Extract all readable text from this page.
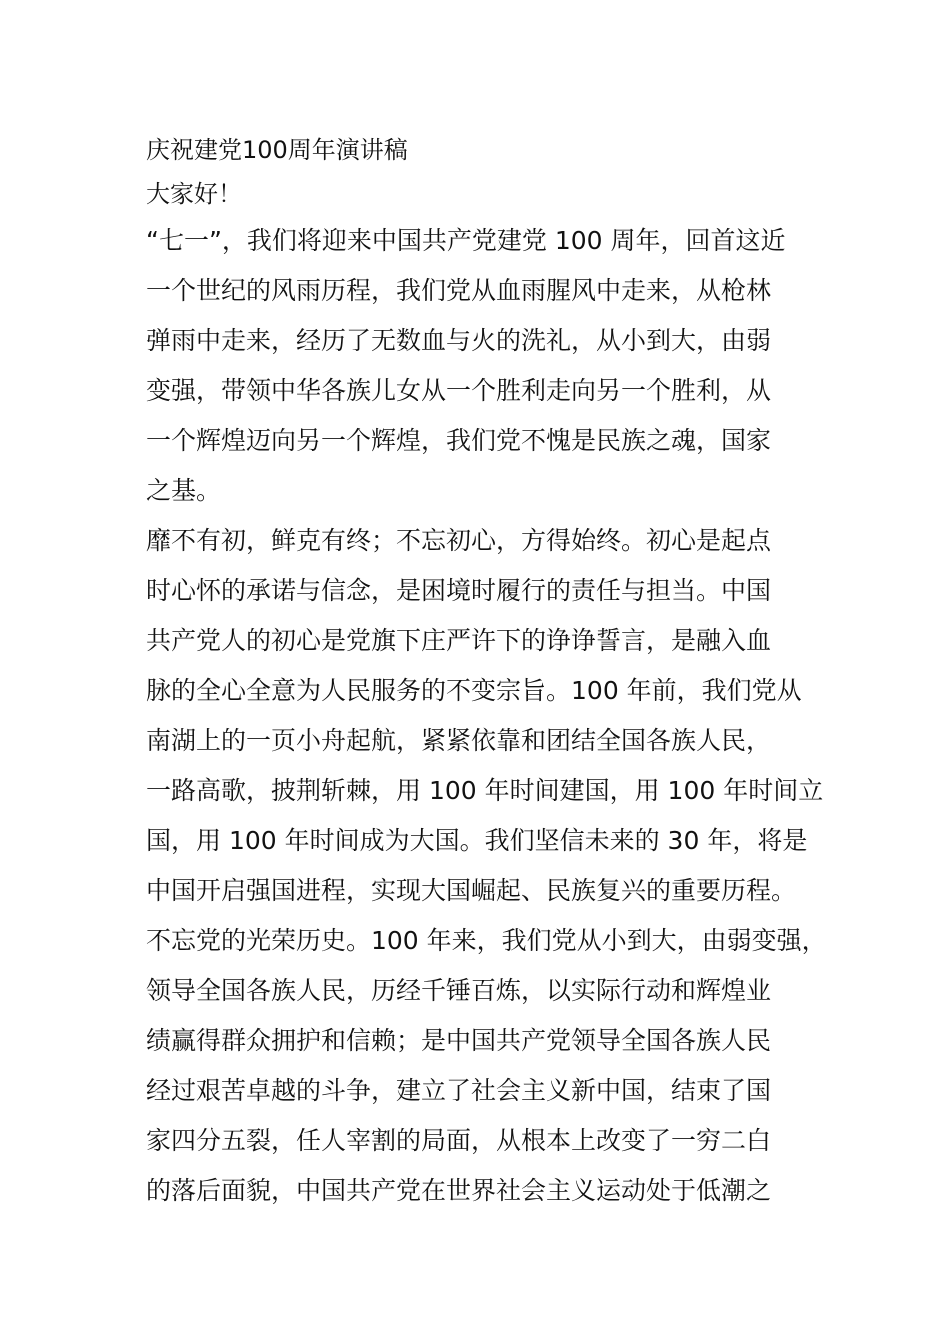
庆祝建党100周年演讲稿
大家好！
“七一”，我们将迎来中国共产党建党 100 周年，回首这近
一个世纪的风雨历程，我们党从血雨腥风中走来，从枪林
弹雨中走来，经历了无数血与火的洗礼，从小到大，由弱
变强，带领中华各族儿女从一个胜利走向另一个胜利，从
一个辉煌迈向另一个辉煌，我们党不愧是民族之魂，国家
之基。
靡不有初，鲜克有终；不忘初心，方得始终。初心是起点
时心怀的承诺与信念，是困境时履行的责任与担当。中国
共产党人的初心是党旗下庄严许下的诤诤誓言，是融入血
脉的全心全意为人民服务的不变宗旨。100 年前，我们党从
南湖上的一页小舟起航，紧紧依靠和团结全国各族人民，
一路高歌，披荆斩棘，用 100 年时间建国，用 100 年时间立
国，用 100 年时间成为大国。我们坚信未来的 30 年，将是
中国开启强国进程，实现大国崛起、民族复兴的重要历程。
不忘党的光荣历史。100 年来，我们党从小到大，由弱变强，
领导全国各族人民，历经千锤百炼，以实际行动和辉煌业
绩赢得群众拥护和信赖；是中国共产党领导全国各族人民
经过艰苦卓越的斗争，建立了社会主义新中国，结束了国
家四分五裂，任人宰割的局面，从根本上改变了一穷二白
的落后面貌，中国共产党在世界社会主义运动处于低潮之
